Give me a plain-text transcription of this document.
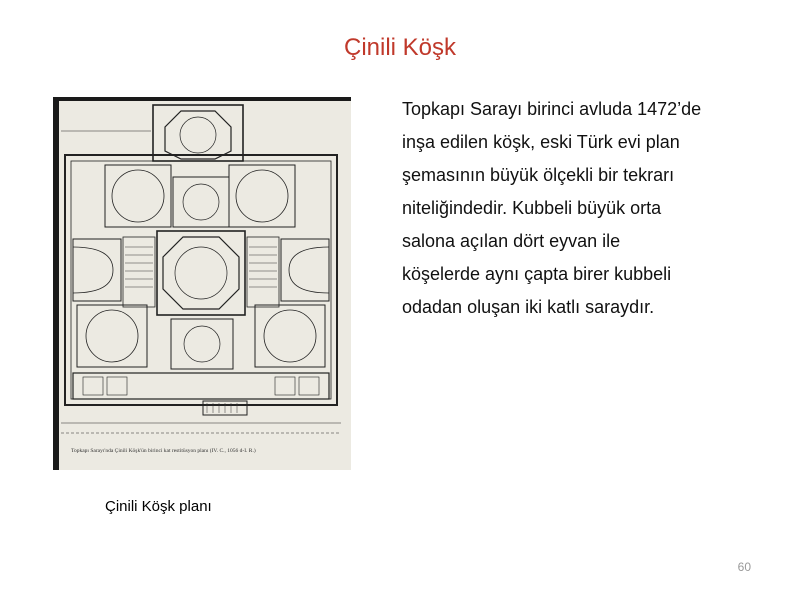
Çinili Köşk
Topkapı Sarayı'nda Çinili Köşk'ün birinci kat restitüsyon planı (IV. C., 1056 d-I. R.)
Çinili Köşk planı

Topkapı Sarayı birinci avluda 1472’de

inşa edilen köşk, eski Türk evi plan

şemasının büyük ölçekli bir tekrarı

niteliğindedir. Kubbeli büyük orta

salona açılan dört eyvan ile

köşelerde aynı çapta birer kubbeli

odadan oluşan iki katlı saraydır.

60
